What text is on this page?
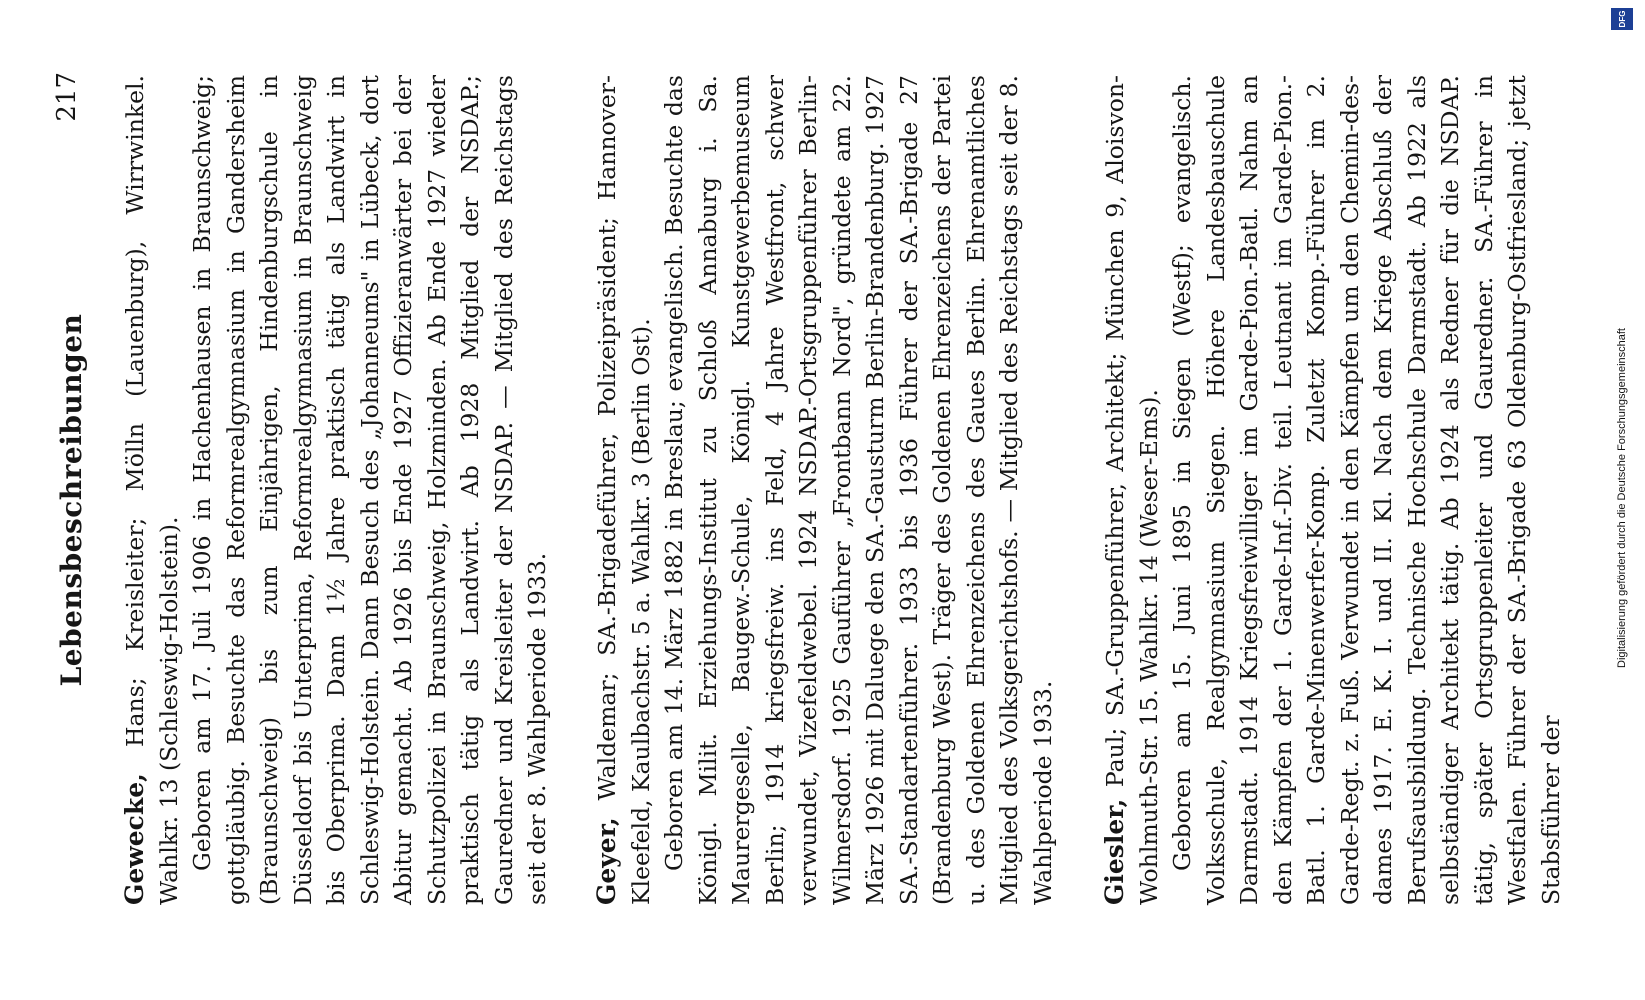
Lebensbeschreibungen

217

Gewecke, Hans; Kreisleiter; Mölln (Lauenburg), Wirrwinkel. Wahlkr. 13 (Schleswig-Holstein). Geboren am 17. Juli 1906 in Hachenhausen in Braunschweig; gottgläubig. Besuchte das Reformrealgymnasium in Gandersheim (Braunschweig) bis zum Einjährigen, Hindenburgschule in Düsseldorf bis Unterprima, Reformrealgymnasium in Braunschweig bis Oberprima. Dann 1½ Jahre praktisch tätig als Landwirt in Schleswig-Holstein. Dann Besuch des „Johanneums" in Lübeck, dort Abitur gemacht. Ab 1926 bis Ende 1927 Offizieranwärter bei der Schutzpolizei in Braunschweig, Holzminden. Ab Ende 1927 wieder praktisch tätig als Landwirt. Ab 1928 Mitglied der NSDAP.; Gauredner und Kreisleiter der NSDAP. — Mitglied des Reichstags seit der 8. Wahlperiode 1933. Geyer, Waldemar; SA.-Brigadeführer, Polizeipräsident; Hannover-Kleefeld, Kaulbachstr. 5 a. Wahlkr. 3 (Berlin Ost). Geboren am 14. März 1882 in Breslau; evangelisch. Besuchte das Königl. Milit. Erziehungs-Institut zu Schloß Annaburg i. Sa. Maurergeselle, Baugew.-Schule, Königl. Kunstgewerbemuseum Berlin; 1914 kriegsfreiw. ins Feld, 4 Jahre Westfront, schwer verwundet, Vizefeldwebel. 1924 NSDAP.-Ortsgruppenführer Berlin-Wilmersdorf. 1925 Gauführer „Frontbann Nord", gründete am 22. März 1926 mit Daluege den SA.-Gausturm Berlin-Brandenburg. 1927 SA.-Standartenführer. 1933 bis 1936 Führer der SA.-Brigade 27 (Brandenburg West). Träger des Goldenen Ehrenzeichens der Partei u. des Goldenen Ehrenzeichens des Gaues Berlin. Ehrenamtliches Mitglied des Volksgerichtshofs. — Mitglied des Reichstags seit der 8. Wahlperiode 1933. Giesler, Paul; SA.-Gruppenführer, Architekt; München 9, Aloisvon-Wohlmuth-Str. 15. Wahlkr. 14 (Weser-Ems). Geboren am 15. Juni 1895 in Siegen (Westf); evangelisch. Volksschule, Realgymnasium Siegen. Höhere Landesbauschule Darmstadt. 1914 Kriegsfreiwilliger im Garde-Pion.-Batl. Nahm an den Kämpfen der 1. Garde-Inf.-Div. teil. Leutnant im Garde-Pion.-Batl. 1. Garde-Minenwerfer-Komp. Zuletzt Komp.-Führer im 2. Garde-Regt. z. Fuß. Verwundet in den Kämpfen um den Chemin-des-dames 1917. E. K. I. und II. Kl. Nach dem Kriege Abschluß der Berufsausbildung. Technische Hochschule Darmstadt. Ab 1922 als selbständiger Architekt tätig. Ab 1924 als Redner für die NSDAP. tätig, später Ortsgruppenleiter und Gauredner. SA.-Führer in Westfalen. Führer der SA.-Brigade 63 Oldenburg-Ostfriesland; jetzt Stabsführer der

DFG

Digitalisierung gefördert durch die Deutsche Forschungsgemeinschaft
